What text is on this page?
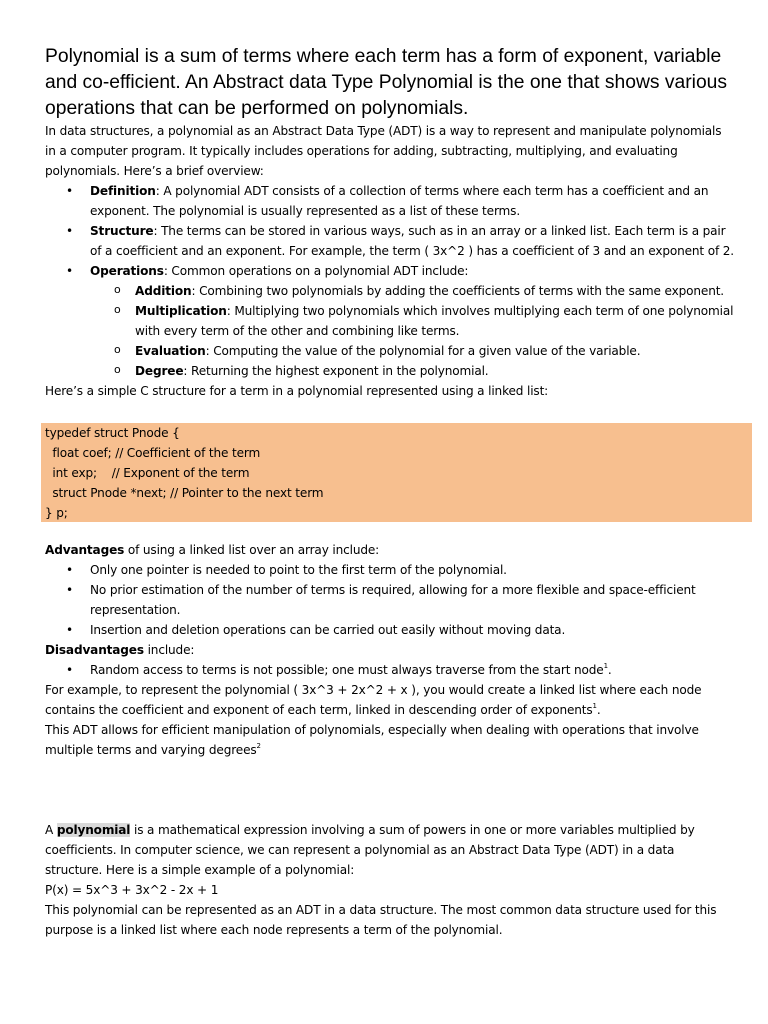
Polynomial is a sum of terms where each term has a form of exponent, variable and co-efficient. An Abstract data Type Polynomial is the one that shows various operations that can be performed on polynomials.

In data structures, a polynomial as an Abstract Data Type (ADT) is a way to represent and manipulate polynomials in a computer program. It typically includes operations for adding, subtracting, multiplying, and evaluating polynomials. Here’s a brief overview:

• Definition: A polynomial ADT consists of a collection of terms where each term has a coefficient and an exponent. The polynomial is usually represented as a list of these terms.
• Structure: The terms can be stored in various ways, such as in an array or a linked list. Each term is a pair of a coefficient and an exponent. For example, the term ( 3x^2 ) has a coefficient of 3 and an exponent of 2.
• Operations: Common operations on a polynomial ADT include:
o Addition: Combining two polynomials by adding the coefficients of terms with the same exponent.
o Multiplication: Multiplying two polynomials which involves multiplying each term of one polynomial with every term of the other and combining like terms.
o Evaluation: Computing the value of the polynomial for a given value of the variable.
o Degree: Returning the highest exponent in the polynomial.

Here’s a simple C structure for a term in a polynomial represented using a linked list:

typedef struct Pnode {
float coef; // Coefficient of the term
int exp;    // Exponent of the term
struct Pnode *next; // Pointer to the next term
} p;

Advantages of using a linked list over an array include:

• Only one pointer is needed to point to the first term of the polynomial.
• No prior estimation of the number of terms is required, allowing for a more flexible and space-efficient representation.
• Insertion and deletion operations can be carried out easily without moving data.

Disadvantages include:

• Random access to terms is not possible; one must always traverse from the start node$^1$.

For example, to represent the polynomial ( 3x^3 + 2x^2 + x ), you would create a linked list where each node contains the coefficient and exponent of each term, linked in descending order of exponents$^1$.

This ADT allows for efficient manipulation of polynomials, especially when dealing with operations that involve multiple terms and varying degrees$^2$

A polynomial is a mathematical expression involving a sum of powers in one or more variables multiplied by coefficients. In computer science, we can represent a polynomial as an Abstract Data Type (ADT) in a data structure. Here is a simple example of a polynomial:

P(x) = 5x^3 + 3x^2 - 2x + 1

This polynomial can be represented as an ADT in a data structure. The most common data structure used for this purpose is a linked list where each node represents a term of the polynomial.
